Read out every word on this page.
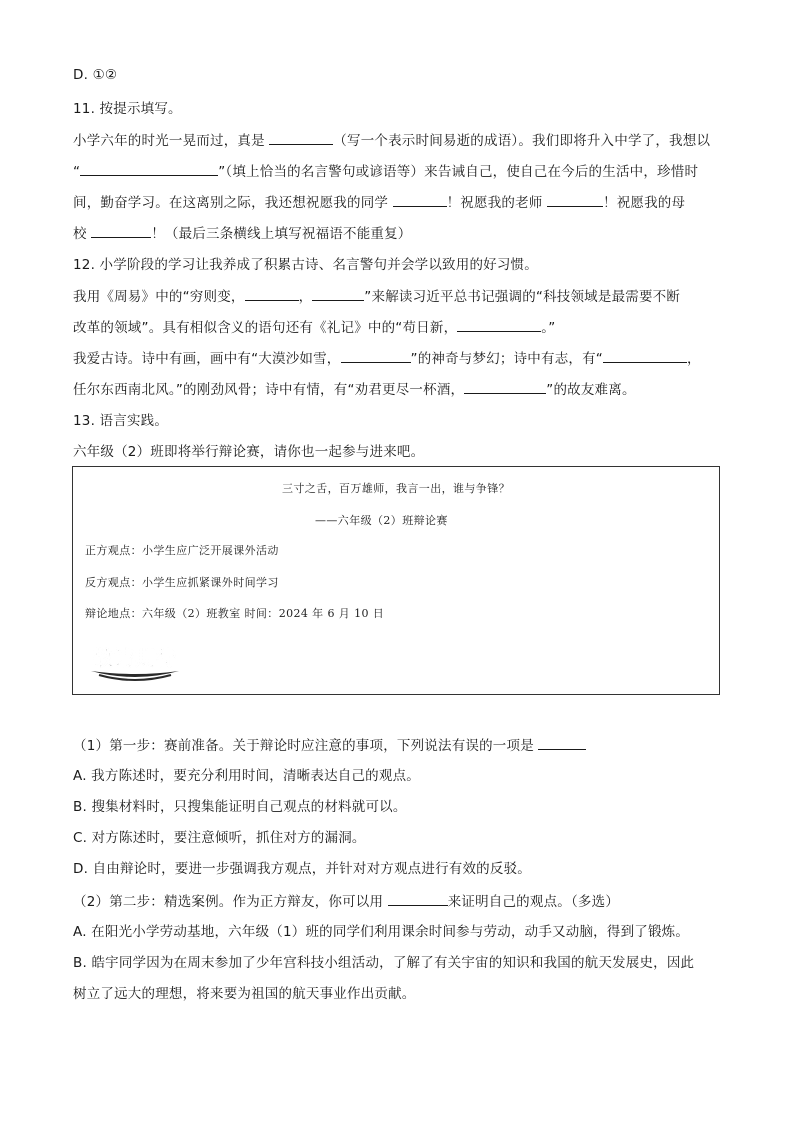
D. ①②
11. 按提示填写。
小学六年的时光一晃而过，真是	（写一个表示时间易逝的成语）。我们即将升入中学了，我想以
“	”（填上恰当的名言警句或谚语等）来告诫自己，使自己在今后的生活中，珍惜时
间，勤奋学习。在这离别之际，我还想祝愿我的同学	！祝愿我的老师	！祝愿我的母
校	！（最后三条横线上填写祝福语不能重复）
12. 小学阶段的学习让我养成了积累古诗、名言警句并会学以致用的好习惯。
我用《周易》中的“穷则变，	，	”来解读习近平总书记强调的“科技领域是最需要不断
改革的领域”。具有相似含义的语句还有《礼记》中的“苟日新，	。”
我爱古诗。诗中有画，画中有“大漠沙如雪，	”的神奇与梦幻；诗中有志，有“	，
任尔东西南北风。”的刚劲风骨；诗中有情，有“劝君更尽一杯酒，	”的故友难离。
13. 语言实践。
六年级（2）班即将举行辩论赛，请你也一起参与进来吧。
三寸之舌，百万雄师，我言一出，谁与争锋？
——六年级（2）班辩论赛
正方观点：小学生应广泛开展课外活动
反方观点：小学生应抓紧课外时间学习
辩论地点：六年级（2）班教室 时间：2024 年 6 月 10 日
敬请期待
（1）第一步：赛前准备。关于辩论时应注意的事项，下列说法有误的一项是
A. 我方陈述时，要充分利用时间，清晰表达自己的观点。
B. 搜集材料时，只搜集能证明自己观点的材料就可以。
C. 对方陈述时，要注意倾听，抓住对方的漏洞。
D. 自由辩论时，要进一步强调我方观点，并针对对方观点进行有效的反驳。
（2）第二步：精选案例。作为正方辩友，你可以用	来证明自己的观点。（多选）
A. 在阳光小学劳动基地，六年级（1）班的同学们利用课余时间参与劳动，动手又动脑，得到了锻炼。
B. 皓宇同学因为在周末参加了少年宫科技小组活动，了解了有关宇宙的知识和我国的航天发展史，因此
树立了远大的理想，将来要为祖国的航天事业作出贡献。
